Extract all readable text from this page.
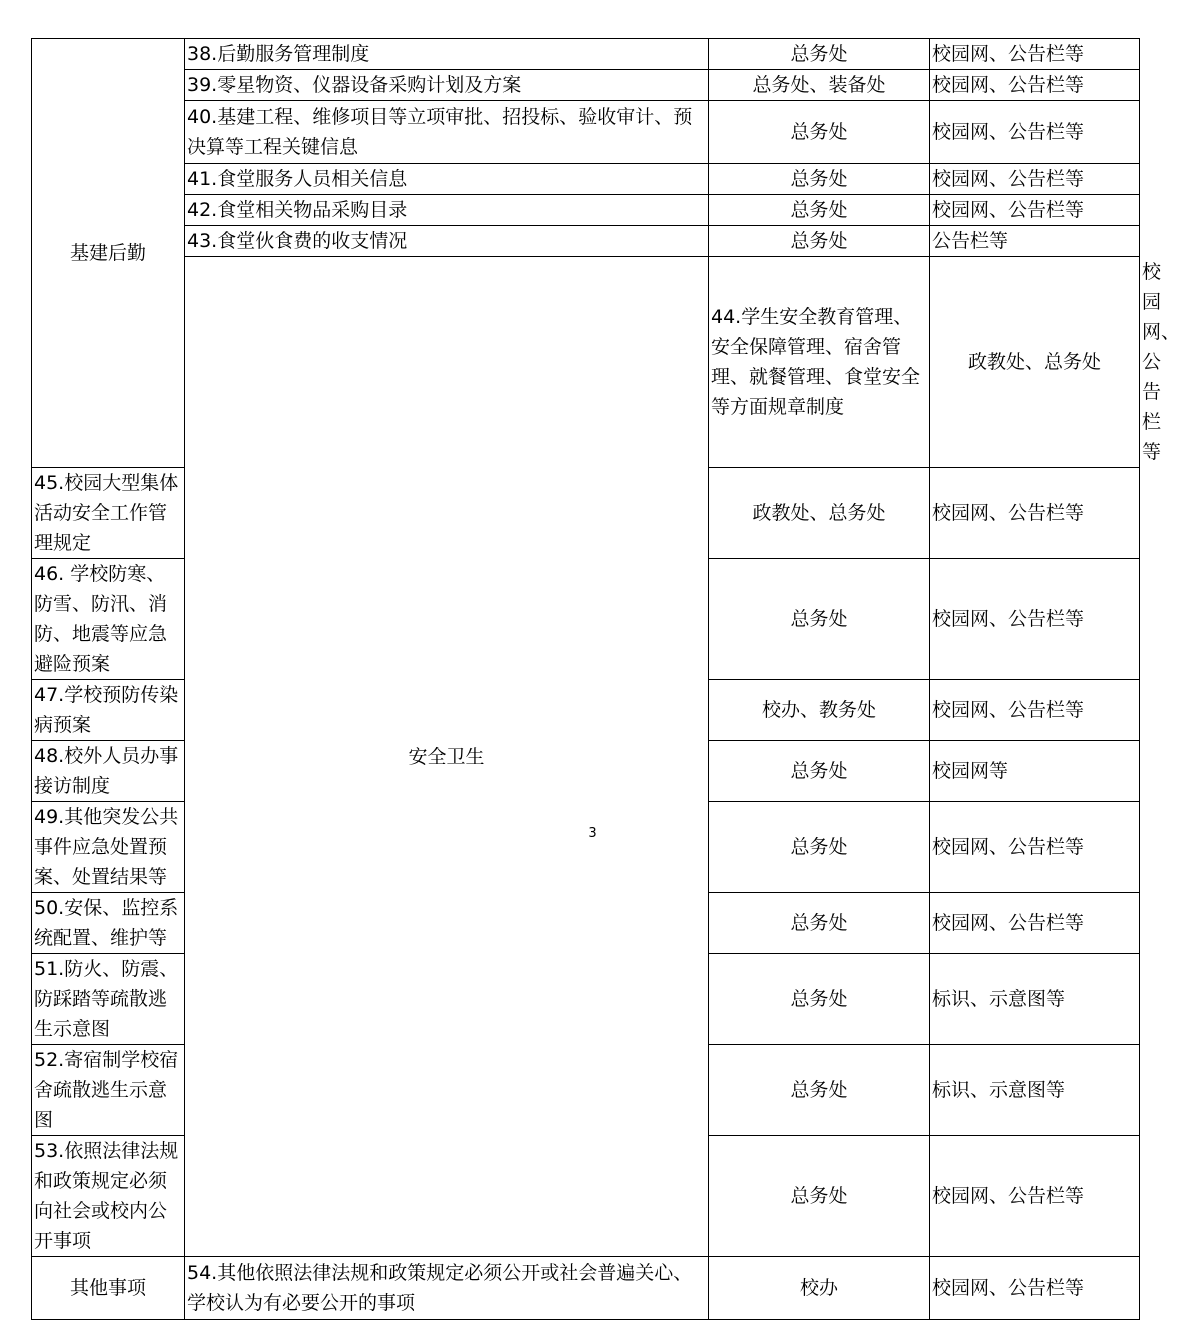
基建后勤	38.后勤服务管理制度	总务处	校园网、公告栏等	
	39.零星物资、仪器设备采购计划及方案	总务处、装备处	校园网、公告栏等	
	40.基建工程、维修项目等立项审批、招投标、验收审计、预决算等工程关键信息	总务处	校园网、公告栏等	
	41.食堂服务人员相关信息	总务处	校园网、公告栏等	
	42.食堂相关物品采购目录	总务处	校园网、公告栏等	
	43.食堂伙食费的收支情况	总务处	公告栏等	
	安全卫生	44.学生安全教育管理、安全保障管理、宿舍管理、就餐管理、食堂安全等方面规章制度	政教处、总务处	校园网、公告栏等
45.校园大型集体活动安全工作管理规定		政教处、总务处	校园网、公告栏等	
46. 学校防寒、防雪、防汛、消防、地震等应急避险预案		总务处	校园网、公告栏等	
47.学校预防传染病预案		校办、教务处	校园网、公告栏等	
48.校外人员办事接访制度		总务处	校园网等	
49.其他突发公共事件应急处置预案、处置结果等		总务处	校园网、公告栏等	
50.安保、监控系统配置、维护等		总务处	校园网、公告栏等	
51.防火、防震、防踩踏等疏散逃生示意图		总务处	标识、示意图等	
52.寄宿制学校宿舍疏散逃生示意图		总务处	标识、示意图等	
53.依照法律法规和政策规定必须向社会或校内公开事项		总务处	校园网、公告栏等	
其他事项	54.其他依照法律法规和政策规定必须公开或社会普遍关心、学校认为有必要公开的事项	校办	校园网、公告栏等	
3
